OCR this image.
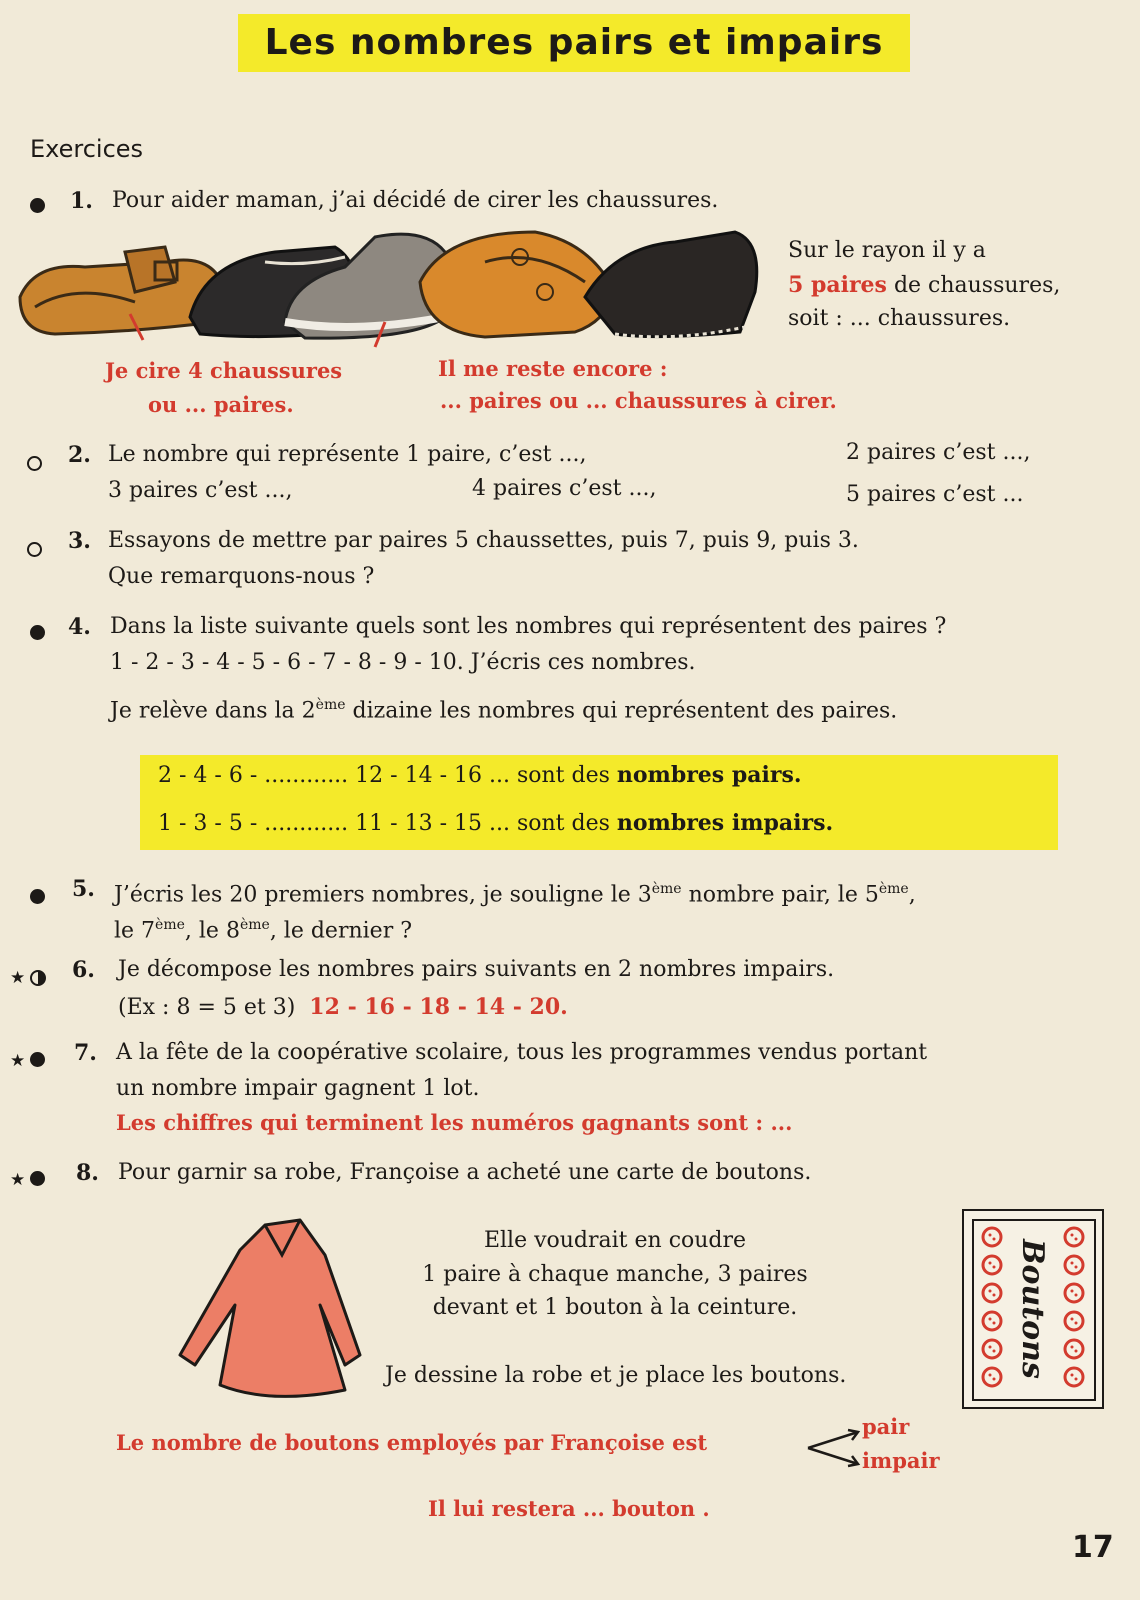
Les nombres pairs et impairs
Exercices
1. Pour aider maman, j’ai décidé de cirer les chaussures.
Sur le rayon il y a
5 paires de chaussures,
soit : ... chaussures.
Je cire 4 chaussures
ou ... paires.
Il me reste encore :
... paires ou ... chaussures à cirer.
2. Le nombre qui représente 1 paire, c’est ...,	2 paires c’est ...,
3 paires c’est ...,	4 paires c’est ...,	5 paires c’est ...
3. Essayons de mettre par paires 5 chaussettes, puis 7, puis 9, puis 3.
Que remarquons-nous ?
4. Dans la liste suivante quels sont les nombres qui représentent des paires ?
1 - 2 - 3 - 4 - 5 - 6 - 7 - 8 - 9 - 10. J’écris ces nombres.
Je relève dans la 2ème dizaine les nombres qui représentent des paires.
2 - 4 - 6 - ............ 12 - 14 - 16 ... sont des nombres pairs.
1 - 3 - 5 - ............ 11 - 13 - 15 ... sont des nombres impairs.
5. J’écris les 20 premiers nombres, je souligne le 3ème nombre pair, le 5ème,
le 7ème, le 8ème, le dernier ?
★ 6. Je décompose les nombres pairs suivants en 2 nombres impairs.
(Ex : 8 = 5 et 3) 12 - 16 - 18 - 14 - 20.
★ 7. A la fête de la coopérative scolaire, tous les programmes vendus portant
un nombre impair gagnent 1 lot.
Les chiffres qui terminent les numéros gagnants sont : ...
★ 8. Pour garnir sa robe, Françoise a acheté une carte de boutons.
Elle voudrait en coudre
1 paire à chaque manche, 3 paires
devant et 1 bouton à la ceinture.
Je dessine la robe et je place les boutons.	Boutons
Le nombre de boutons employés par Françoise est
pair
impair
Il lui restera ... bouton .
17
